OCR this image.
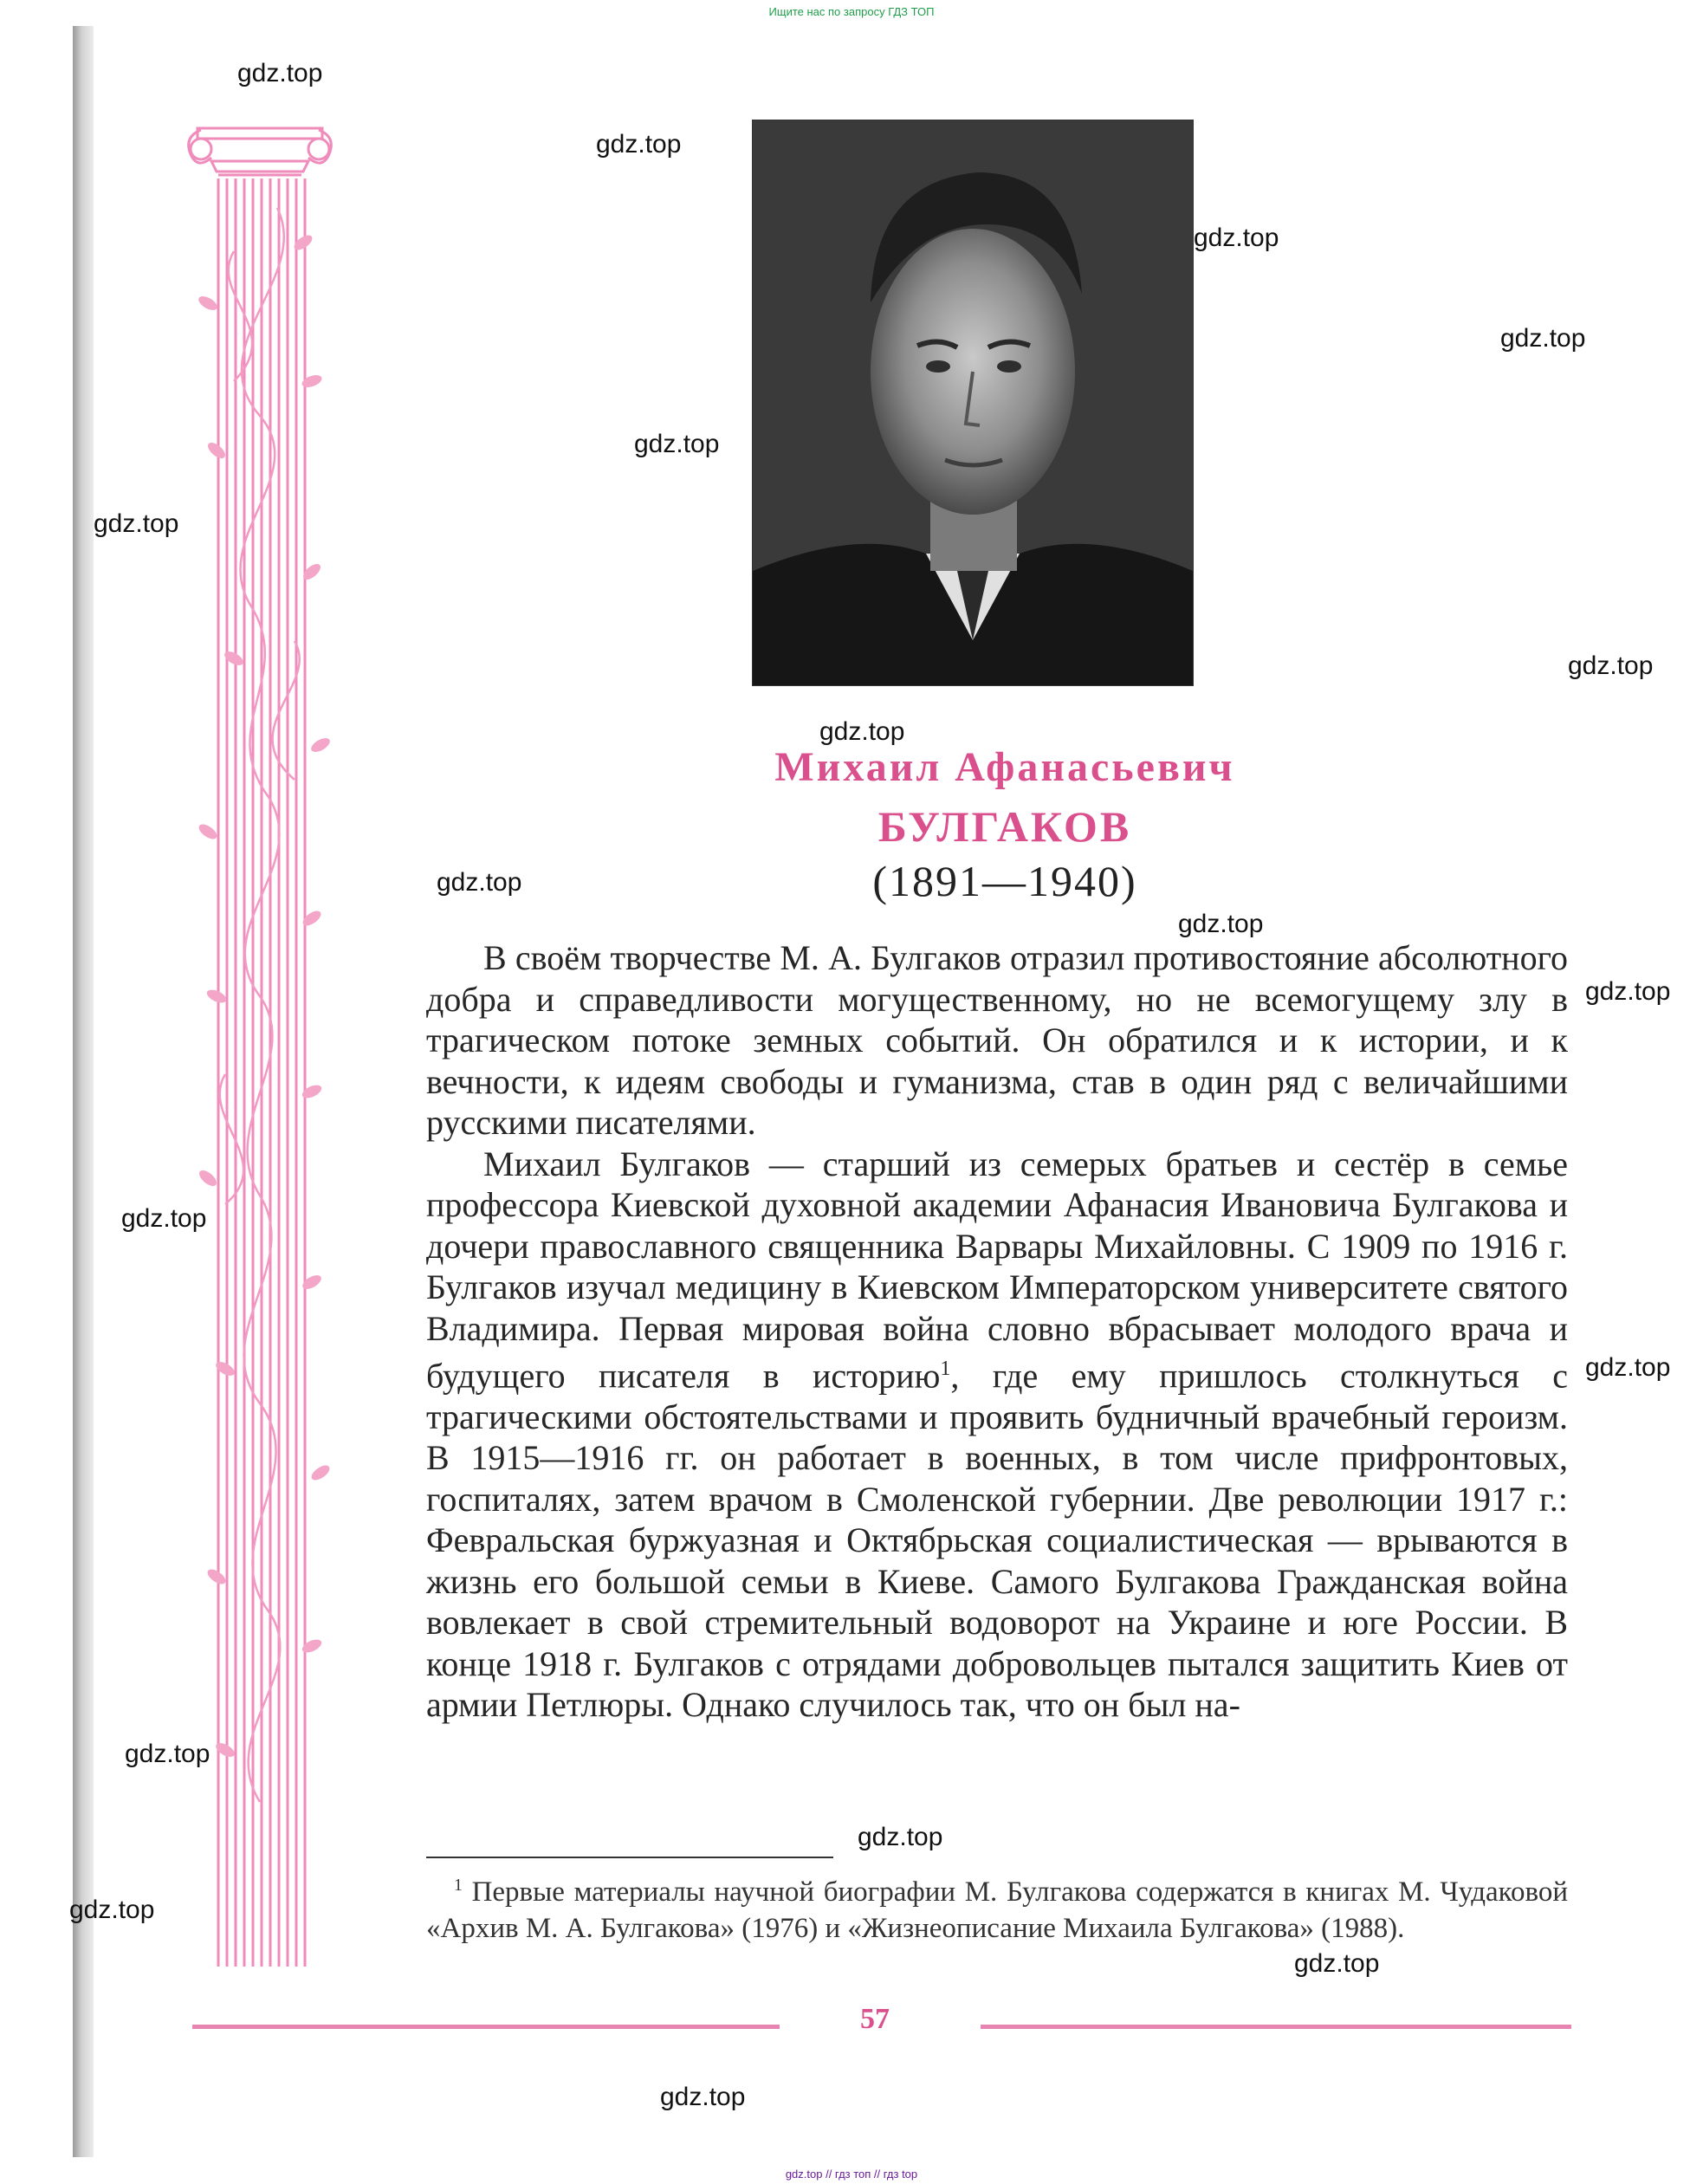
Ищите нас по запросу ГДЗ ТОП
Михаил Афанасьевич
БУЛГАКОВ
(1891—1940)

В своём творчестве М. А. Булгаков отразил противостояние абсолютного добра и справедливости могущественному, но не всемогущему злу в трагическом потоке земных событий. Он обратился и к истории, и к вечности, к идеям свободы и гуманизма, став в один ряд с величайшими русскими писателями.

Михаил Булгаков — старший из семерых братьев и сестёр в семье профессора Киевской духовной академии Афанасия Ивановича Булгакова и дочери православного священника Варвары Михайловны. С 1909 по 1916 г. Булгаков изучал медицину в Киевском Императорском университете святого Владимира. Первая мировая война словно вбрасывает молодого врача и будущего писателя в историю$^1$, где ему пришлось столкнуться с трагическими обстоятельствами и проявить будничный врачебный героизм. В 1915—1916 гг. он работает в военных, в том числе прифронтовых, госпиталях, затем врачом в Смоленской губернии. Две революции 1917 г.: Февральская буржуазная и Октябрьская социалистическая — врываются в жизнь его большой семьи в Киеве. Самого Булгакова Гражданская война вовлекает в свой стремительный водоворот на Украине и юге России. В конце 1918 г. Булгаков с отрядами добровольцев пытался защитить Киев от армии Петлюры. Однако случилось так, что он был на-

$^1$ Первые материалы научной биографии М. Булгакова содержатся в книгах М. Чудаковой «Архив М. А. Булгакова» (1976) и «Жизнеописание Михаила Булгакова» (1988).

57
gdz.top
gdz.top
gdz.top
gdz.top
gdz.top
gdz.top
gdz.top
gdz.top
gdz.top
gdz.top
gdz.top
gdz.top
gdz.top
gdz.top
gdz.top
gdz.top
gdz.top
gdz.top
gdz.top // гдз топ // гдз top
